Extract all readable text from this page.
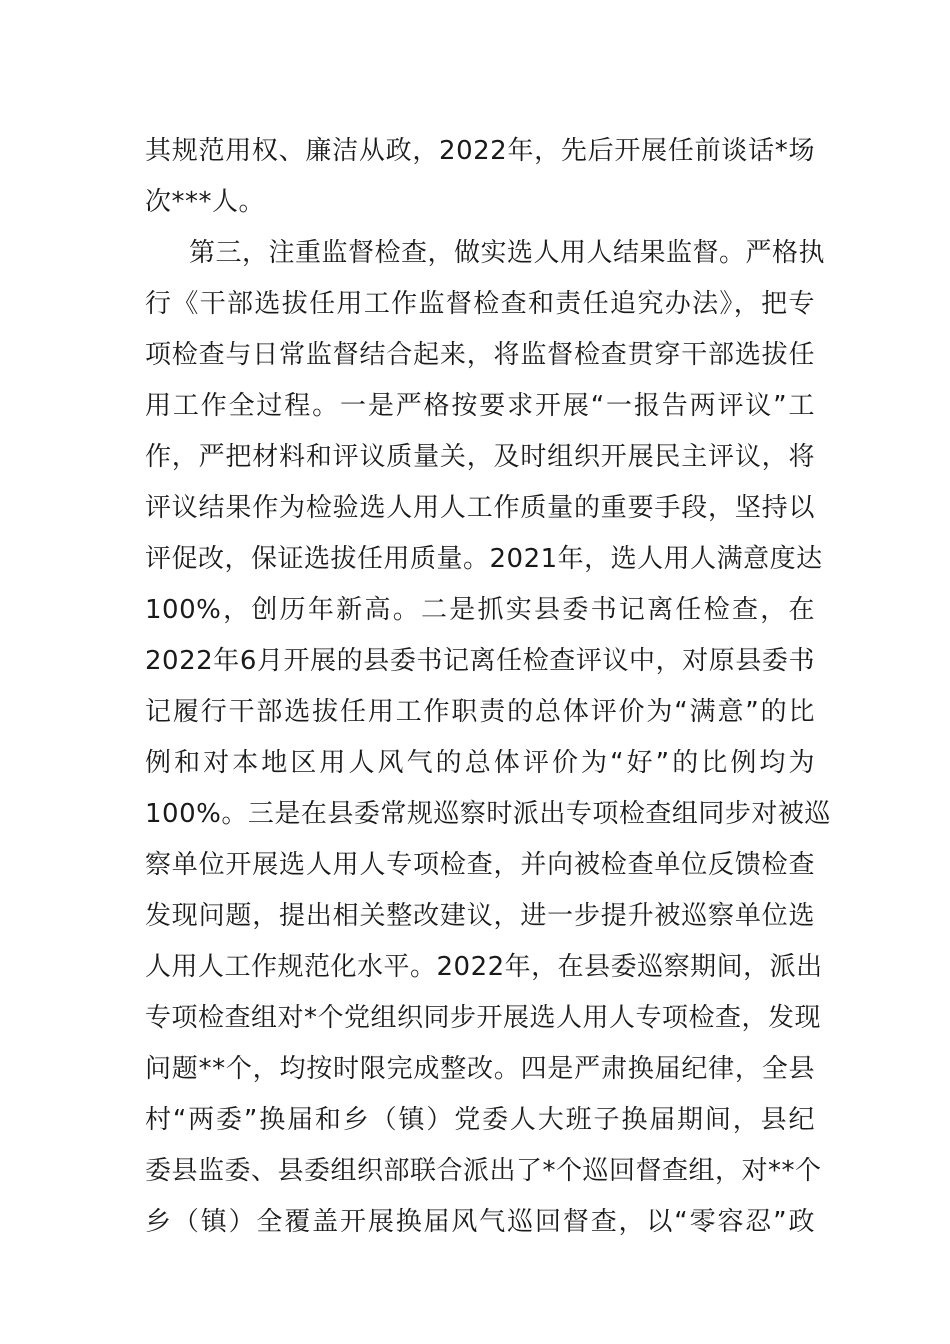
其规范用权、廉洁从政，2022年，先后开展任前谈话*场
次***人。
第三，注重监督检查，做实选人用人结果监督。严格执
行《干部选拔任用工作监督检查和责任追究办法》，把专
项检查与日常监督结合起来，将监督检查贯穿干部选拔任
用工作全过程。一是严格按要求开展“一报告两评议”工
作，严把材料和评议质量关，及时组织开展民主评议，将
评议结果作为检验选人用人工作质量的重要手段，坚持以
评促改，保证选拔任用质量。2021年，选人用人满意度达
100%，创历年新高。二是抓实县委书记离任检查，在
2022年6月开展的县委书记离任检查评议中，对原县委书
记履行干部选拔任用工作职责的总体评价为“满意”的比
例和对本地区用人风气的总体评价为“好”的比例均为
100%。三是在县委常规巡察时派出专项检查组同步对被巡
察单位开展选人用人专项检查，并向被检查单位反馈检查
发现问题，提出相关整改建议，进一步提升被巡察单位选
人用人工作规范化水平。2022年，在县委巡察期间，派出
专项检查组对*个党组织同步开展选人用人专项检查，发现
问题**个，均按时限完成整改。四是严肃换届纪律，全县
村“两委”换届和乡（镇）党委人大班子换届期间，县纪
委县监委、县委组织部联合派出了*个巡回督查组，对**个
乡（镇）全覆盖开展换届风气巡回督查，以“零容忍”政
